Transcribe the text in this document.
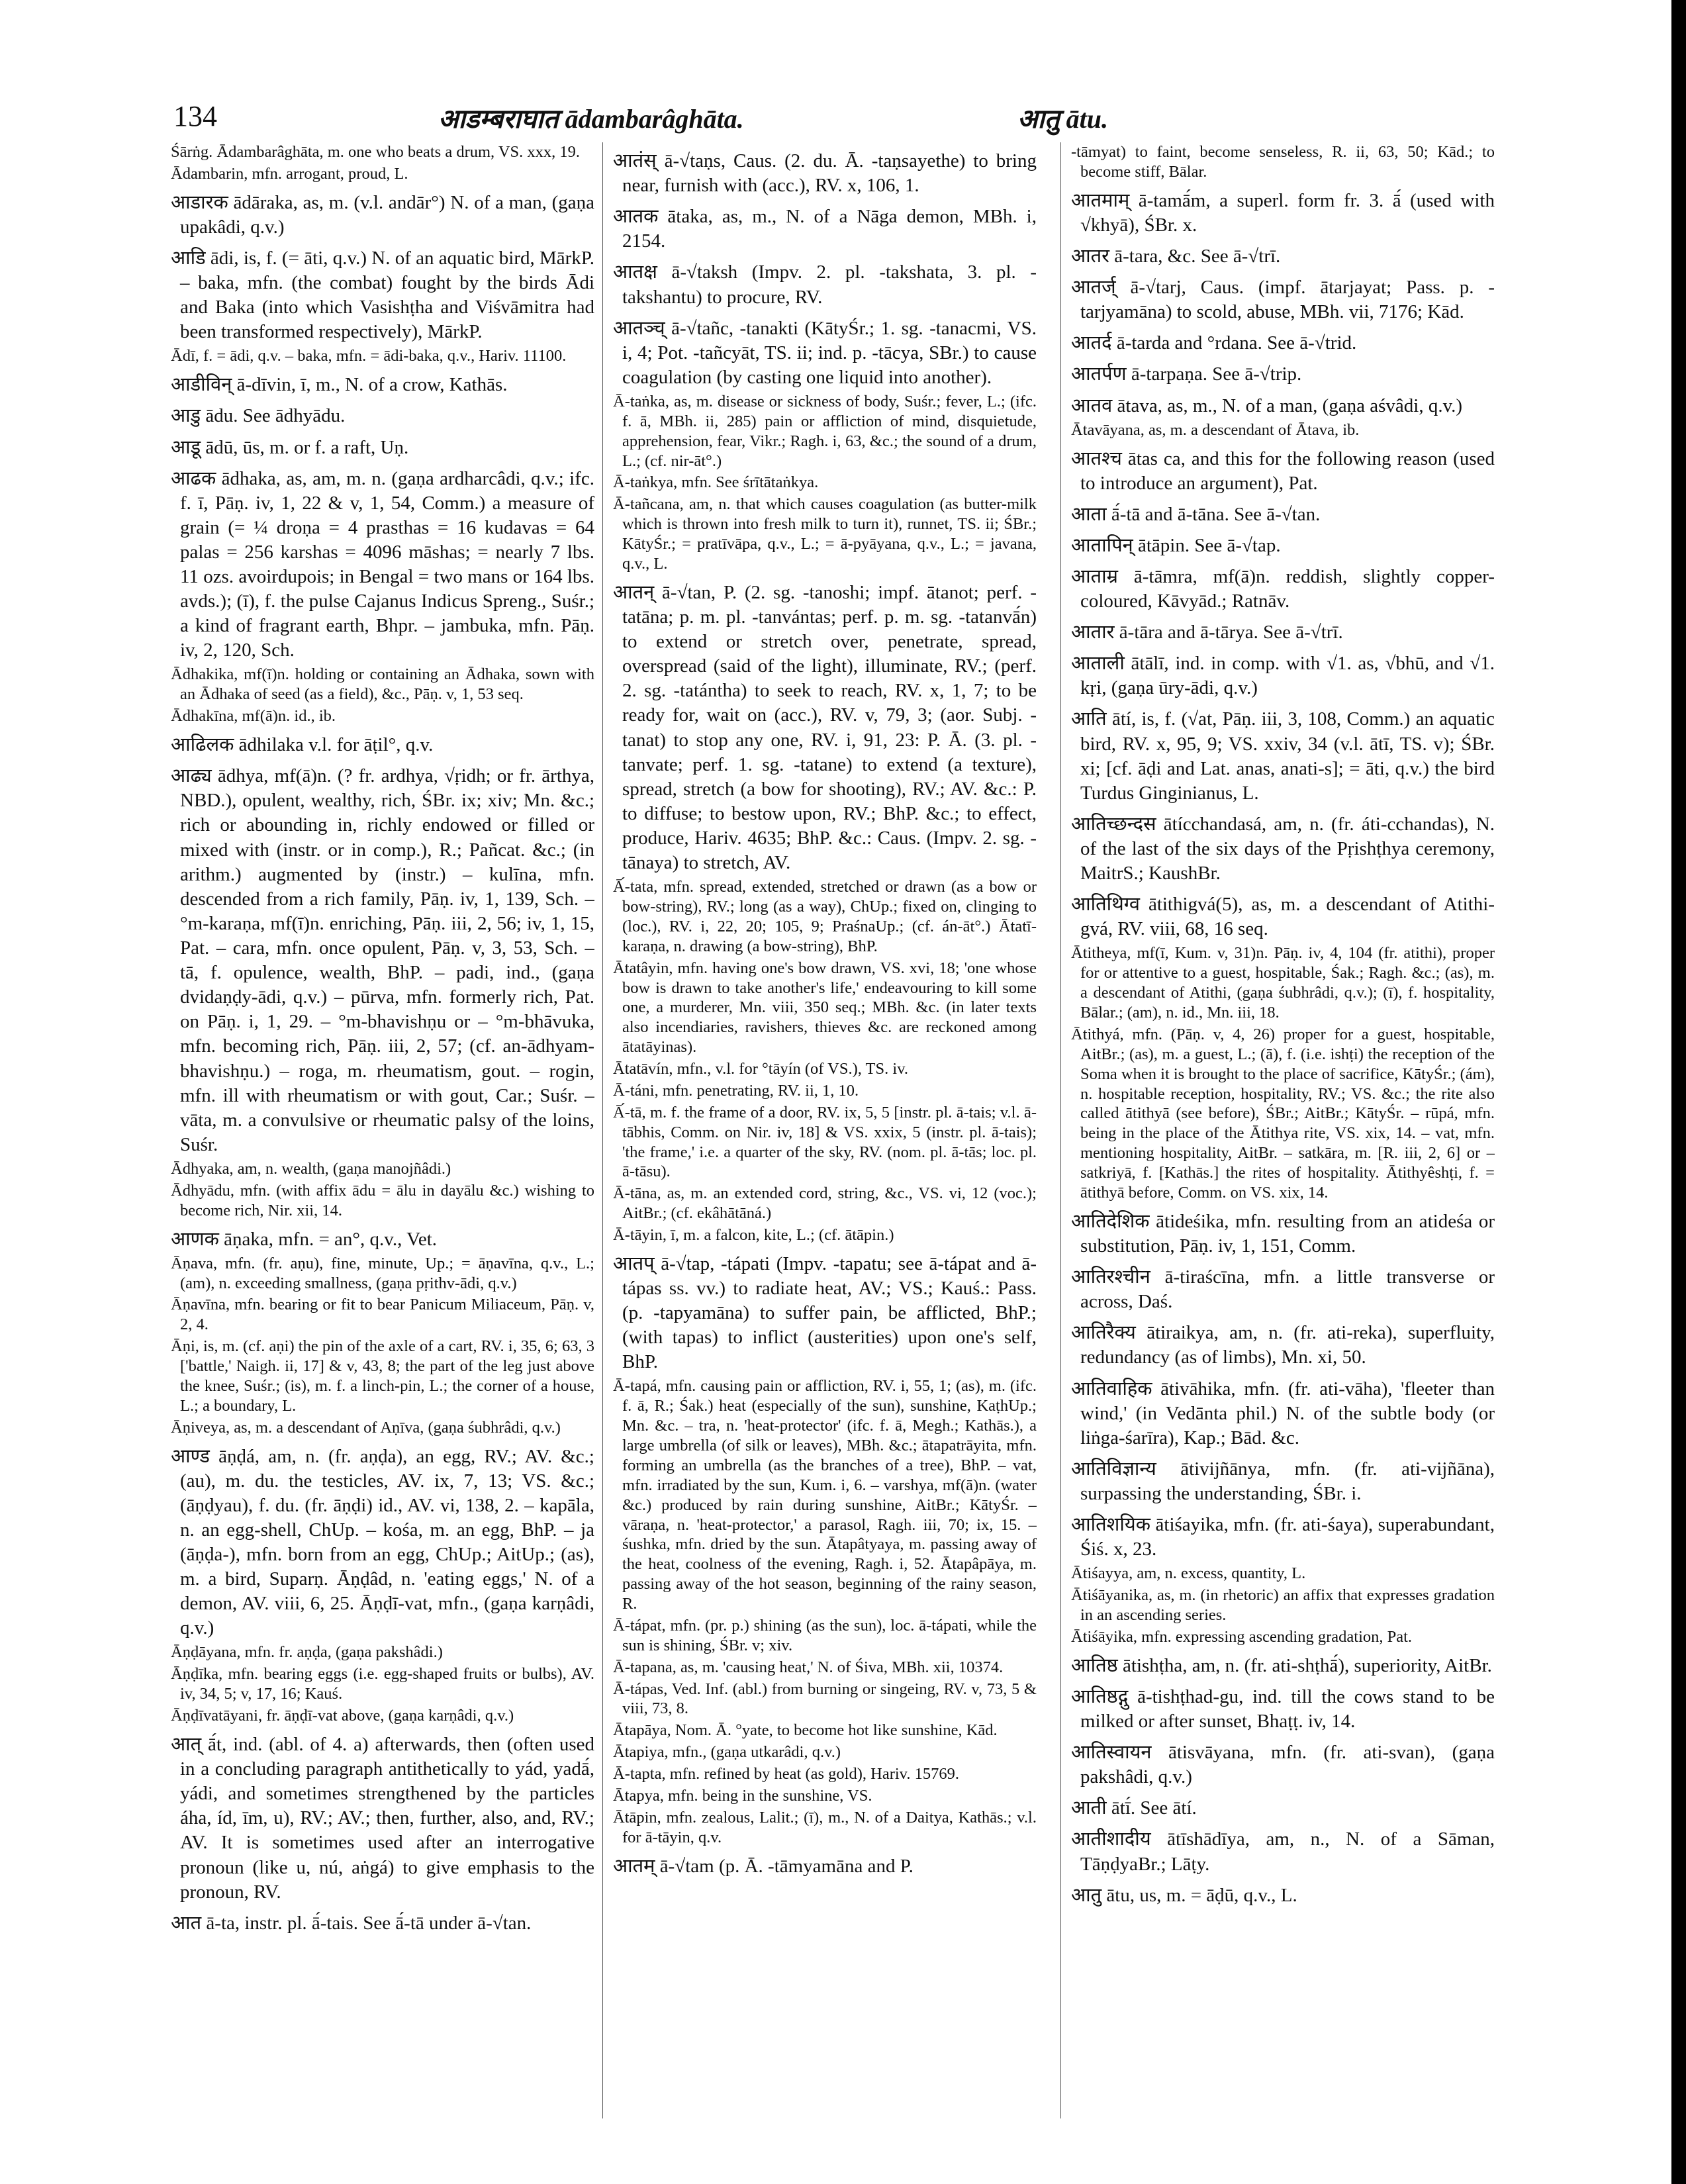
134	आडम्बराघात ādambarâghāta.	आतु ātu.

Śārṅg. Ādambarâghāta, m. one who beats a drum, VS. xxx, 19.

Ādambarin, mfn. arrogant, proud, L.

आडारक ādāraka, as, m. (v.l. andār°) N. of a man, (gaṇa upakâdi, q.v.)

आडि ādi, is, f. (= āti, q.v.) N. of an aquatic bird, MārkP. – baka, mfn. (the combat) fought by the birds Ādi and Baka (into which Vasishṭha and Viśvāmitra had been transformed respectively), MārkP.

Ādī, f. = ādi, q.v. – baka, mfn. = ādi-baka, q.v., Hariv. 11100.

आडीविन् ā-dīvin, ī, m., N. of a crow, Kathās.

आडु ādu. See ādhyādu.

आडू ādū, ūs, m. or f. a raft, Uṇ.

आढक ādhaka, as, am, m. n. (gaṇa ardharcâdi, q.v.; ifc. f. ī, Pāṇ. iv, 1, 22 & v, 1, 54, Comm.) a measure of grain (= ¼ droṇa = 4 prasthas = 16 kudavas = 64 palas = 256 karshas = 4096 māshas; = nearly 7 lbs. 11 ozs. avoirdupois; in Bengal = two mans or 164 lbs. avds.); (ī), f. the pulse Cajanus Indicus Spreng., Suśr.; a kind of fragrant earth, Bhpr. – jambuka, mfn. Pāṇ. iv, 2, 120, Sch.

Ādhakika, mf(ī)n. holding or containing an Ādhaka, sown with an Ādhaka of seed (as a field), &c., Pāṇ. v, 1, 53 seq.

Ādhakīna, mf(ā)n. id., ib.

आढिलक ādhilaka v.l. for āṭil°, q.v.

आढ्य ādhya, mf(ā)n. (? fr. ardhya, √ṛidh; or fr. ārthya, NBD.), opulent, wealthy, rich, ŚBr. ix; xiv; Mn. &c.; rich or abounding in, richly endowed or filled or mixed with (instr. or in comp.), R.; Pañcat. &c.; (in arithm.) augmented by (instr.) – kulīna, mfn. descended from a rich family, Pāṇ. iv, 1, 139, Sch. – °m-karaṇa, mf(ī)n. enriching, Pāṇ. iii, 2, 56; iv, 1, 15, Pat. – cara, mfn. once opulent, Pāṇ. v, 3, 53, Sch. – tā, f. opulence, wealth, BhP. – padi, ind., (gaṇa dvidaṇḍy-ādi, q.v.) – pūrva, mfn. formerly rich, Pat. on Pāṇ. i, 1, 29. – °m-bhavishṇu or – °m-bhāvuka, mfn. becoming rich, Pāṇ. iii, 2, 57; (cf. an-ādhyam-bhavishṇu.) – roga, m. rheumatism, gout. – rogin, mfn. ill with rheumatism or with gout, Car.; Suśr. – vāta, m. a convulsive or rheumatic palsy of the loins, Suśr.

Ādhyaka, am, n. wealth, (gaṇa manojñâdi.)

Ādhyādu, mfn. (with affix ādu = ālu in dayālu &c.) wishing to become rich, Nir. xii, 14.

आणक āṇaka, mfn. = an°, q.v., Vet.

Āṇava, mfn. (fr. aṇu), fine, minute, Up.; = āṇavīna, q.v., L.; (am), n. exceeding smallness, (gaṇa pṛithv-ādi, q.v.)

Āṇavīna, mfn. bearing or fit to bear Panicum Miliaceum, Pāṇ. v, 2, 4.

Āṇi, is, m. (cf. aṇi) the pin of the axle of a cart, RV. i, 35, 6; 63, 3 ['battle,' Naigh. ii, 17] & v, 43, 8; the part of the leg just above the knee, Suśr.; (is), m. f. a linch-pin, L.; the corner of a house, L.; a boundary, L.

Āṇiveya, as, m. a descendant of Aṇīva, (gaṇa śubhrâdi, q.v.)

आण्ड āṇḍá, am, n. (fr. aṇḍa), an egg, RV.; AV. &c.; (au), m. du. the testicles, AV. ix, 7, 13; VS. &c.; (āṇḍyau), f. du. (fr. āṇḍi) id., AV. vi, 138, 2. – kapāla, n. an egg-shell, ChUp. – kośa, m. an egg, BhP. – ja (āṇḍa-), mfn. born from an egg, ChUp.; AitUp.; (as), m. a bird, Suparṇ. Āṇḍâd, n. 'eating eggs,' N. of a demon, AV. viii, 6, 25. Āṇḍī-vat, mfn., (gaṇa karṇâdi, q.v.)

Āṇḍāyana, mfn. fr. aṇḍa, (gaṇa pakshâdi.)

Āṇḍīka, mfn. bearing eggs (i.e. egg-shaped fruits or bulbs), AV. iv, 34, 5; v, 17, 16; Kauś.

Āṇḍīvatāyani, fr. āṇḍī-vat above, (gaṇa karṇâdi, q.v.)

आत् ā́t, ind. (abl. of 4. a) afterwards, then (often used in a concluding paragraph antithetically to yád, yadā́, yádi, and sometimes strengthened by the particles áha, íd, īm, u), RV.; AV.; then, further, also, and, RV.; AV. It is sometimes used after an interrogative pronoun (like u, nú, aṅgá) to give emphasis to the pronoun, RV.

आत ā-ta, instr. pl. ā́-tais. See ā́-tā under ā-√tan.

आतंस् ā-√taṇs, Caus. (2. du. Ā. -taṇsayethe) to bring near, furnish with (acc.), RV. x, 106, 1.

आतक ātaka, as, m., N. of a Nāga demon, MBh. i, 2154.

आतक्ष ā-√taksh (Impv. 2. pl. -takshata, 3. pl. -takshantu) to procure, RV.

आतञ्च् ā-√tañc, -tanakti (KātyŚr.; 1. sg. -tanacmi, VS. i, 4; Pot. -tañcyāt, TS. ii; ind. p. -tācya, SBr.) to cause coagulation (by casting one liquid into another).

Ā-taṅka, as, m. disease or sickness of body, Suśr.; fever, L.; (ifc. f. ā, MBh. ii, 285) pain or affliction of mind, disquietude, apprehension, fear, Vikr.; Ragh. i, 63, &c.; the sound of a drum, L.; (cf. nir-āt°.)

Ā-taṅkya, mfn. See śrītātaṅkya.

Ā-tañcana, am, n. that which causes coagulation (as butter-milk which is thrown into fresh milk to turn it), runnet, TS. ii; ŚBr.; KātyŚr.; = pratīvāpa, q.v., L.; = ā-pyāyana, q.v., L.; = javana, q.v., L.

आतन् ā-√tan, P. (2. sg. -tanoshi; impf. ātanot; perf. -tatāna; p. m. pl. -tanvántas; perf. p. m. sg. -tatanvā́n) to extend or stretch over, penetrate, spread, overspread (said of the light), illuminate, RV.; (perf. 2. sg. -tatántha) to seek to reach, RV. x, 1, 7; to be ready for, wait on (acc.), RV. v, 79, 3; (aor. Subj. -tanat) to stop any one, RV. i, 91, 23: P. Ā. (3. pl. -tanvate; perf. 1. sg. -tatane) to extend (a texture), spread, stretch (a bow for shooting), RV.; AV. &c.: P. to diffuse; to bestow upon, RV.; BhP. &c.; to effect, produce, Hariv. 4635; BhP. &c.: Caus. (Impv. 2. sg. -tānaya) to stretch, AV.

Ā́-tata, mfn. spread, extended, stretched or drawn (as a bow or bow-string), RV.; long (as a way), ChUp.; fixed on, clinging to (loc.), RV. i, 22, 20; 105, 9; PraśnaUp.; (cf. án-āt°.) Ātatī-karaṇa, n. drawing (a bow-string), BhP.

Ātatâyin, mfn. having one's bow drawn, VS. xvi, 18; 'one whose bow is drawn to take another's life,' endeavouring to kill some one, a murderer, Mn. viii, 350 seq.; MBh. &c. (in later texts also incendiaries, ravishers, thieves &c. are reckoned among ātatāyinas).

Ātatāvín, mfn., v.l. for °tāyín (of VS.), TS. iv.

Ā-táni, mfn. penetrating, RV. ii, 1, 10.

Ā́-tā, m. f. the frame of a door, RV. ix, 5, 5 [instr. pl. ā-tais; v.l. ā-tābhis, Comm. on Nir. iv, 18] & VS. xxix, 5 (instr. pl. ā-tais); 'the frame,' i.e. a quarter of the sky, RV. (nom. pl. ā-tās; loc. pl. ā-tāsu).

Ā-tāna, as, m. an extended cord, string, &c., VS. vi, 12 (voc.); AitBr.; (cf. ekâhātāná.)

Ā-tāyin, ī, m. a falcon, kite, L.; (cf. ātāpin.)

आतप् ā-√tap, -tápati (Impv. -tapatu; see ā-tápat and ā-tápas ss. vv.) to radiate heat, AV.; VS.; Kauś.: Pass. (p. -tapyamāna) to suffer pain, be afflicted, BhP.; (with tapas) to inflict (austerities) upon one's self, BhP.

Ā-tapá, mfn. causing pain or affliction, RV. i, 55, 1; (as), m. (ifc. f. ā, R.; Śak.) heat (especially of the sun), sunshine, KaṭhUp.; Mn. &c. – tra, n. 'heat-protector' (ifc. f. ā, Megh.; Kathās.), a large umbrella (of silk or leaves), MBh. &c.; ātapatrāyita, mfn. forming an umbrella (as the branches of a tree), BhP. – vat, mfn. irradiated by the sun, Kum. i, 6. – varshya, mf(ā)n. (water &c.) produced by rain during sunshine, AitBr.; KātyŚr. – vāraṇa, n. 'heat-protector,' a parasol, Ragh. iii, 70; ix, 15. – śushka, mfn. dried by the sun. Ātapâtyaya, m. passing away of the heat, coolness of the evening, Ragh. i, 52. Ātapâpāya, m. passing away of the hot season, beginning of the rainy season, R.

Ā-tápat, mfn. (pr. p.) shining (as the sun), loc. ā-tápati, while the sun is shining, ŚBr. v; xiv.

Ā-tapana, as, m. 'causing heat,' N. of Śiva, MBh. xii, 10374.

Ā-tápas, Ved. Inf. (abl.) from burning or singeing, RV. v, 73, 5 & viii, 73, 8.

Ātapāya, Nom. Ā. °yate, to become hot like sunshine, Kād.

Ātapiya, mfn., (gaṇa utkarâdi, q.v.)

Ā-tapta, mfn. refined by heat (as gold), Hariv. 15769.

Ātapya, mfn. being in the sunshine, VS.

Ātāpin, mfn. zealous, Lalit.; (ī), m., N. of a Daitya, Kathās.; v.l. for ā-tāyin, q.v.

आतम् ā-√tam (p. Ā. -tāmyamāna and P.

-tāmyat) to faint, become senseless, R. ii, 63, 50; Kād.; to become stiff, Bālar.

आतमाम् ā-tamā́m, a superl. form fr. 3. ā́ (used with √khyā), ŚBr. x.

आतर ā-tara, &c. See ā-√trī.

आतर्ज् ā-√tarj, Caus. (impf. ātarjayat; Pass. p. -tarjyamāna) to scold, abuse, MBh. vii, 7176; Kād.

आतर्द ā-tarda and °rdana. See ā-√trid.

आतर्पण ā-tarpaṇa. See ā-√trip.

आतव ātava, as, m., N. of a man, (gaṇa aśvâdi, q.v.)

Ātavāyana, as, m. a descendant of Ātava, ib.

आतश्च ātas ca, and this for the following reason (used to introduce an argument), Pat.

आता ā́-tā and ā-tāna. See ā-√tan.

आतापिन् ātāpin. See ā-√tap.

आताम्र ā-tāmra, mf(ā)n. reddish, slightly copper-coloured, Kāvyād.; Ratnāv.

आतार ā-tāra and ā-tārya. See ā-√trī.

आताली ātālī, ind. in comp. with √1. as, √bhū, and √1. kṛi, (gaṇa ūry-ādi, q.v.)

आति ātí, is, f. (√at, Pāṇ. iii, 3, 108, Comm.) an aquatic bird, RV. x, 95, 9; VS. xxiv, 34 (v.l. ātī, TS. v); ŚBr. xi; [cf. āḍi and Lat. anas, anati-s]; = āti, q.v.) the bird Turdus Ginginianus, L.

आतिच्छन्दस ātícchandasá, am, n. (fr. áti-cchandas), N. of the last of the six days of the Pṛishṭhya ceremony, MaitrS.; KaushBr.

आतिथिग्व ātithigvá(5), as, m. a descendant of Atithi-gvá, RV. viii, 68, 16 seq.

Ātitheya, mf(ī, Kum. v, 31)n. Pāṇ. iv, 4, 104 (fr. atithi), proper for or attentive to a guest, hospitable, Śak.; Ragh. &c.; (as), m. a descendant of Atithi, (gaṇa śubhrâdi, q.v.); (ī), f. hospitality, Bālar.; (am), n. id., Mn. iii, 18.

Ātithyá, mfn. (Pāṇ. v, 4, 26) proper for a guest, hospitable, AitBr.; (as), m. a guest, L.; (ā), f. (i.e. ishṭi) the reception of the Soma when it is brought to the place of sacrifice, KātyŚr.; (ám), n. hospitable reception, hospitality, RV.; VS. &c.; the rite also called ātithyā (see before), ŚBr.; AitBr.; KātyŚr. – rūpá, mfn. being in the place of the Ātithya rite, VS. xix, 14. – vat, mfn. mentioning hospitality, AitBr. – satkāra, m. [R. iii, 2, 6] or – satkriyā, f. [Kathās.] the rites of hospitality. Ātithyêshṭi, f. = ātithyā before, Comm. on VS. xix, 14.

आतिदेशिक ātideśika, mfn. resulting from an atideśa or substitution, Pāṇ. iv, 1, 151, Comm.

आतिरश्चीन ā-tiraścīna, mfn. a little transverse or across, Daś.

आतिरैक्य ātiraikya, am, n. (fr. ati-reka), superfluity, redundancy (as of limbs), Mn. xi, 50.

आतिवाहिक ātivāhika, mfn. (fr. ati-vāha), 'fleeter than wind,' (in Vedānta phil.) N. of the subtle body (or liṅga-śarīra), Kap.; Bād. &c.

आतिविज्ञान्य ātivijñānya, mfn. (fr. ati-vijñāna), surpassing the understanding, ŚBr. i.

आतिशयिक ātiśayika, mfn. (fr. ati-śaya), superabundant, Śiś. x, 23.

Ātiśayya, am, n. excess, quantity, L.

Ātiśāyanika, as, m. (in rhetoric) an affix that expresses gradation in an ascending series.

Ātiśāyika, mfn. expressing ascending gradation, Pat.

आतिष्ठ ātishṭha, am, n. (fr. ati-shṭhā́), superiority, AitBr.

आतिष्ठद्गु ā-tishṭhad-gu, ind. till the cows stand to be milked or after sunset, Bhaṭṭ. iv, 14.

आतिस्वायन ātisvāyana, mfn. (fr. ati-svan), (gaṇa pakshâdi, q.v.)

आती ātī́. See ātí.

आतीशादीय ātīshādīya, am, n., N. of a Sāman, TāṇḍyaBr.; Lāṭy.

आतु ātu, us, m. = āḍū, q.v., L.
